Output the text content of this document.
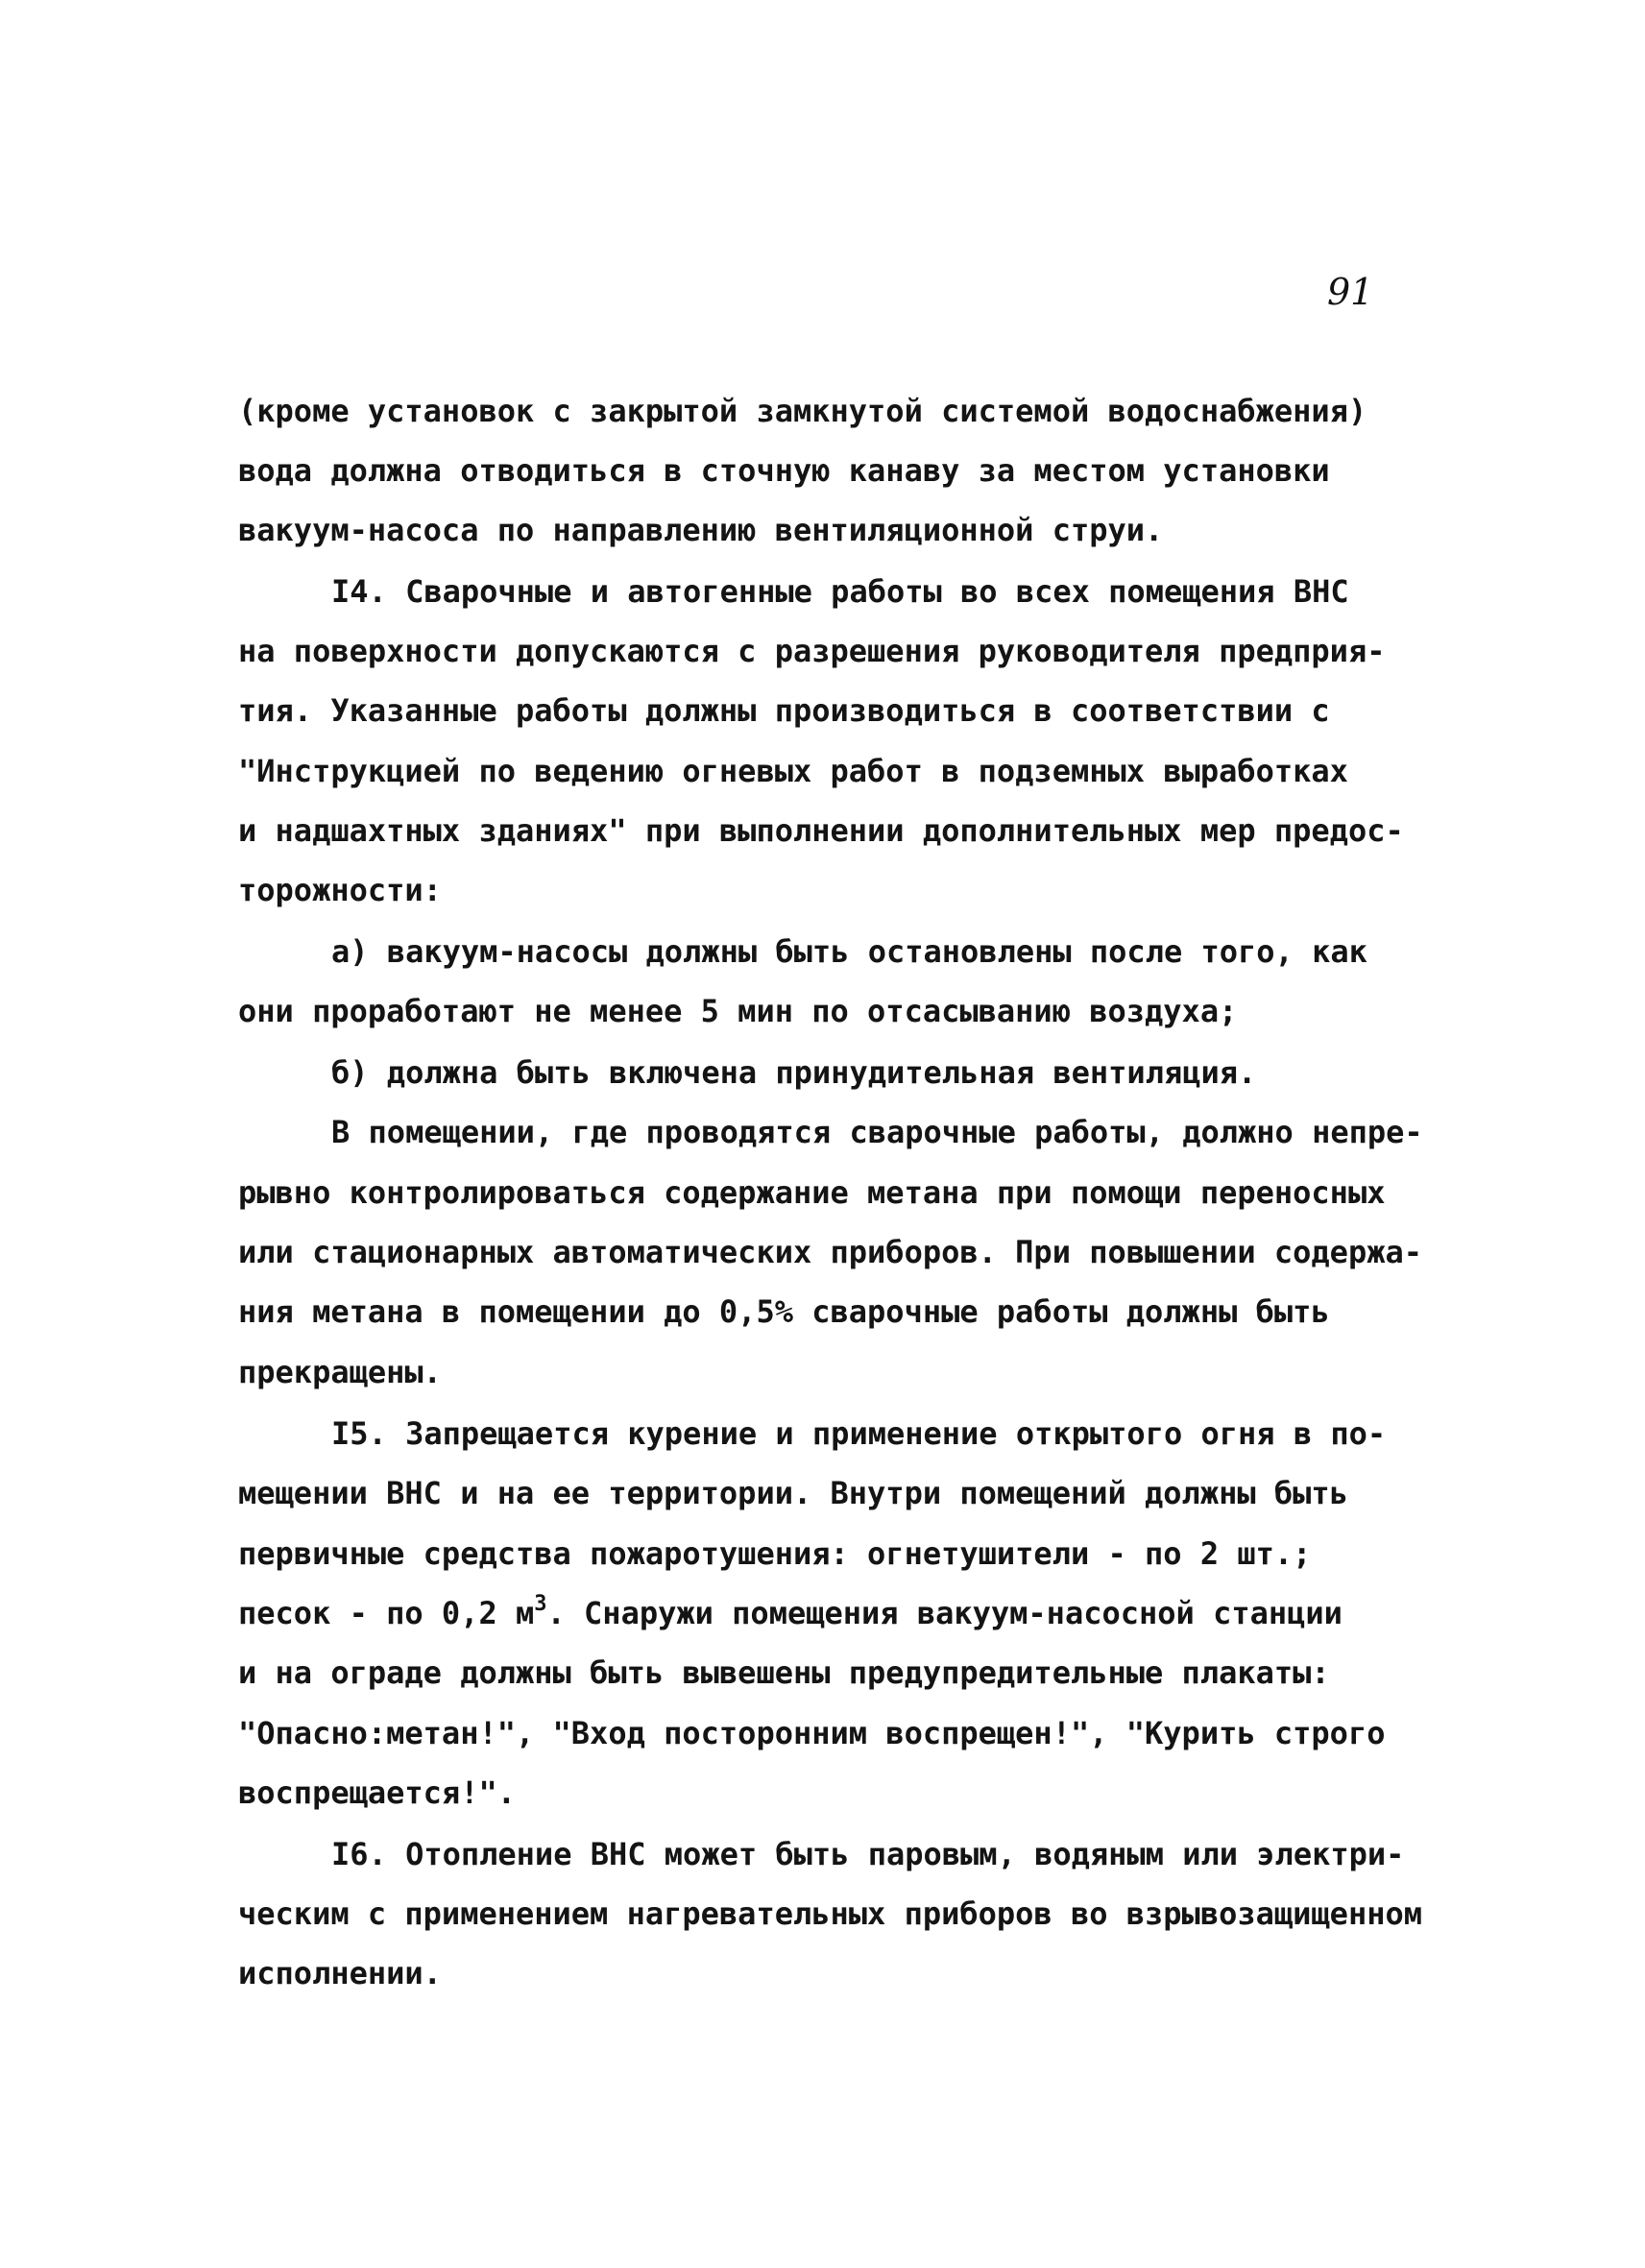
91
(кроме установок с закрытой замкнутой системой водоснабжения)
вода должна отводиться в сточную канаву за местом установки
вакуум-насоса по направлению вентиляционной струи.
I4. Сварочные и автогенные работы во всех помещения ВНС
на поверхности допускаются с разрешения руководителя предприя-
тия. Указанные работы должны производиться в соответствии с
"Инструкцией по ведению огневых работ в подземных выработках
и надшахтных зданиях" при выполнении дополнительных мер предос-
торожности:
а) вакуум-насосы должны быть остановлены после того, как
они проработают не менее 5 мин по отсасыванию воздуха;
б) должна быть включена принудительная вентиляция.
В помещении, где проводятся сварочные работы, должно непре-
рывно контролироваться содержание метана при помощи переносных
или стационарных автоматических приборов. При повышении содержа-
ния метана в помещении до 0,5% сварочные работы должны быть
прекращены.
I5. Запрещается курение и применение открытого огня в по-
мещении ВНС и на ее территории. Внутри помещений должны быть
первичные средства пожаротушения: огнетушители - по 2 шт.;
песок - по 0,2 $м^3$. Снаружи помещения вакуум-насосной станции
и на ограде должны быть вывешены предупредительные плакаты:
"Опасно:метан!", "Вход посторонним воспрещен!", "Курить строго
воспрещается!".
I6. Отопление ВНС может быть паровым, водяным или электри-
ческим с применением нагревательных приборов во взрывозащищенном
исполнении.
